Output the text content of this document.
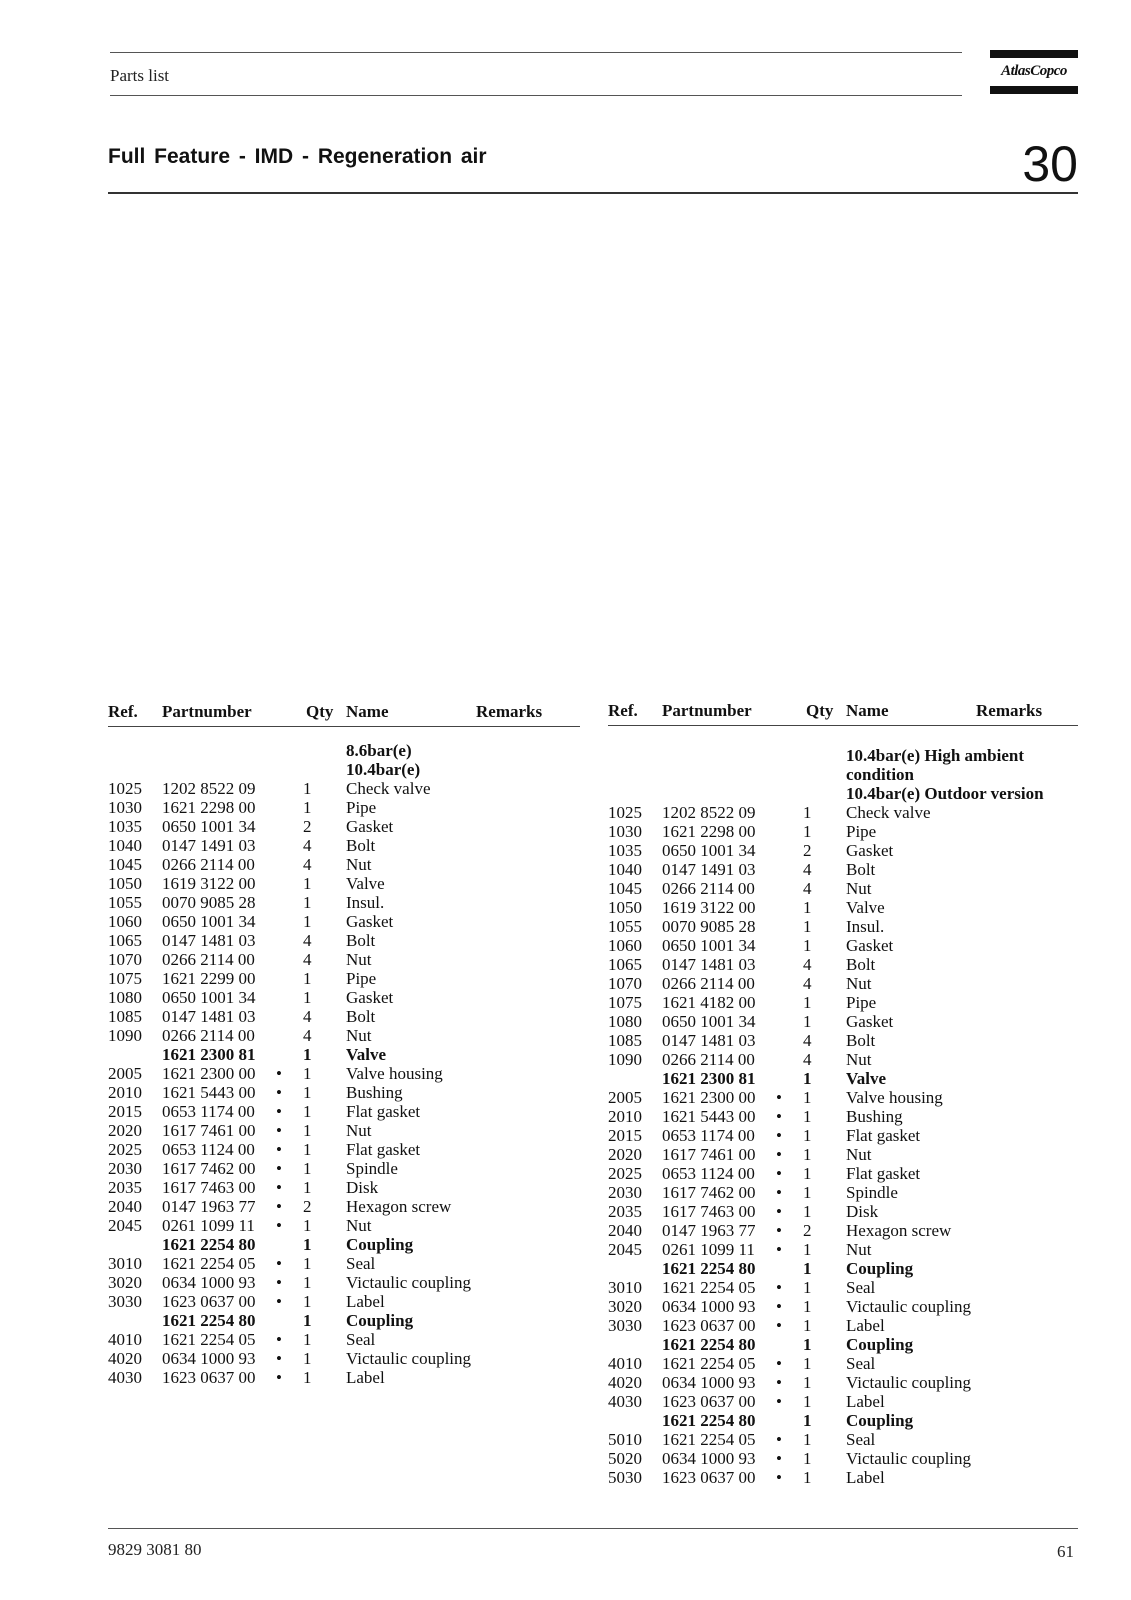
Parts list	AtlasCopco
Full Feature - IMD - Regeneration air	30
Ref. Partnumber	Qty Name	Remarks
8.6bar(e)
10.4bar(e)
1025 1202 8522 09	1 Check valve
1030 1621 2298 00	1 Pipe
1035 0650 1001 34	2 Gasket
1040 0147 1491 03	4 Bolt
1045 0266 2114 00	4 Nut
1050 1619 3122 00	1 Valve
1055 0070 9085 28	1 Insul.
1060 0650 1001 34	1 Gasket
1065 0147 1481 03	4 Bolt
1070 0266 2114 00	4 Nut
1075 1621 2299 00	1 Pipe
1080 0650 1001 34	1 Gasket
1085 0147 1481 03	4 Bolt
1090 0266 2114 00	4 Nut
1621 2300 81	1 Valve
2005 1621 2300 00 • 1 Valve housing
2010 1621 5443 00 • 1 Bushing
2015 0653 1174 00 • 1 Flat gasket
2020 1617 7461 00 • 1 Nut
2025 0653 1124 00 • 1 Flat gasket
2030 1617 7462 00 • 1 Spindle
2035 1617 7463 00 • 1 Disk
2040 0147 1963 77 • 2 Hexagon screw
2045 0261 1099 11 • 1 Nut
1621 2254 80	1 Coupling
3010 1621 2254 05 • 1 Seal
3020 0634 1000 93 • 1 Victaulic coupling
3030 1623 0637 00 • 1 Label
1621 2254 80	1 Coupling
4010 1621 2254 05 • 1 Seal
4020 0634 1000 93 • 1 Victaulic coupling
4030 1623 0637 00 • 1 Label
Ref. Partnumber	Qty Name	Remarks
10.4bar(e) High ambient
condition
10.4bar(e) Outdoor version
1025 1202 8522 09	1 Check valve
1030 1621 2298 00	1 Pipe
1035 0650 1001 34	2 Gasket
1040 0147 1491 03	4 Bolt
1045 0266 2114 00	4 Nut
1050 1619 3122 00	1 Valve
1055 0070 9085 28	1 Insul.
1060 0650 1001 34	1 Gasket
1065 0147 1481 03	4 Bolt
1070 0266 2114 00	4 Nut
1075 1621 4182 00	1 Pipe
1080 0650 1001 34	1 Gasket
1085 0147 1481 03	4 Bolt
1090 0266 2114 00	4 Nut
1621 2300 81	1 Valve
2005 1621 2300 00 • 1 Valve housing
2010 1621 5443 00 • 1 Bushing
2015 0653 1174 00 • 1 Flat gasket
2020 1617 7461 00 • 1 Nut
2025 0653 1124 00 • 1 Flat gasket
2030 1617 7462 00 • 1 Spindle
2035 1617 7463 00 • 1 Disk
2040 0147 1963 77 • 2 Hexagon screw
2045 0261 1099 11 • 1 Nut
1621 2254 80	1 Coupling
3010 1621 2254 05 • 1 Seal
3020 0634 1000 93 • 1 Victaulic coupling
3030 1623 0637 00 • 1 Label
1621 2254 80	1 Coupling
4010 1621 2254 05 • 1 Seal
4020 0634 1000 93 • 1 Victaulic coupling
4030 1623 0637 00 • 1 Label
1621 2254 80	1 Coupling
5010 1621 2254 05 • 1 Seal
5020 0634 1000 93 • 1 Victaulic coupling
5030 1623 0637 00 • 1 Label
9829 3081 80	61
